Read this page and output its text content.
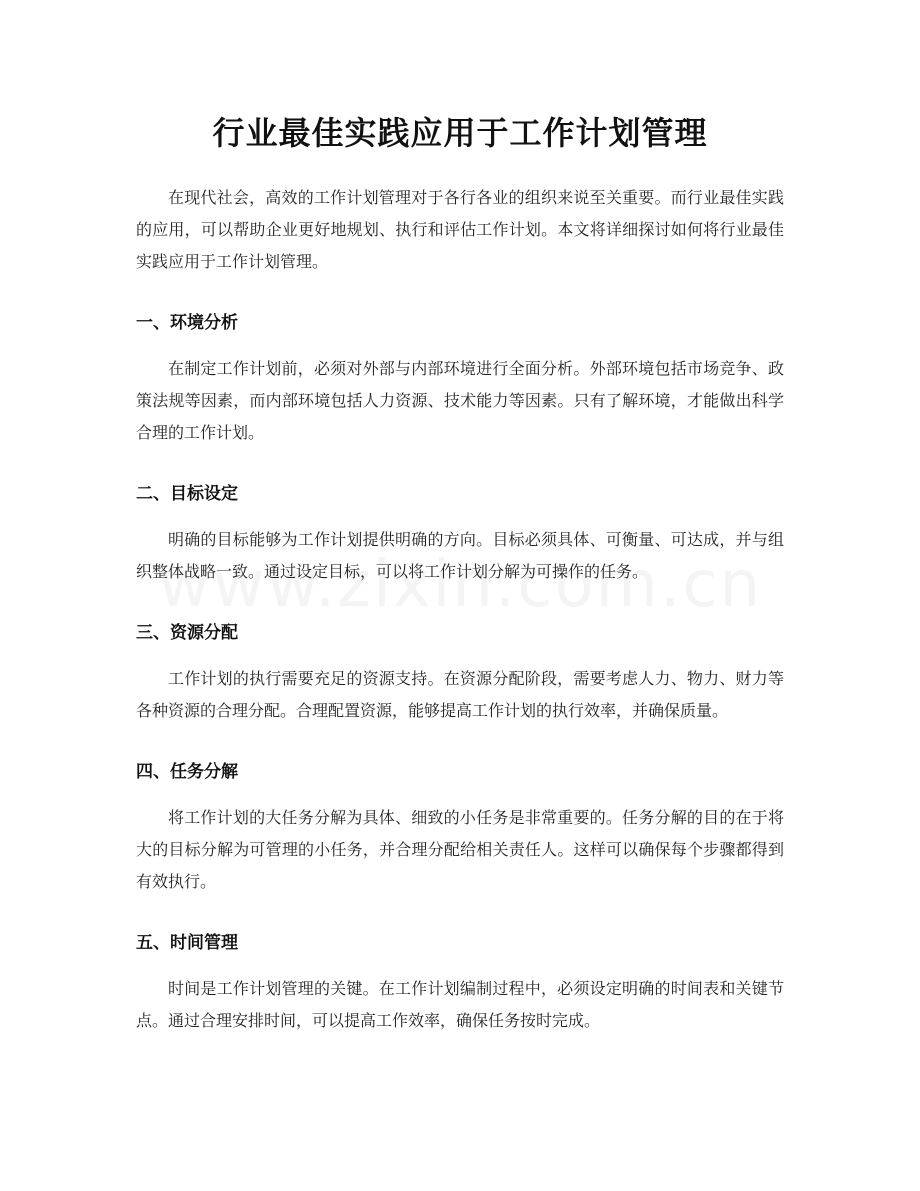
行业最佳实践应用于工作计划管理

在现代社会，高效的工作计划管理对于各行各业的组织来说至关重要。而行业最佳实践的应用，可以帮助企业更好地规划、执行和评估工作计划。本文将详细探讨如何将行业最佳实践应用于工作计划管理。

一、环境分析

在制定工作计划前，必须对外部与内部环境进行全面分析。外部环境包括市场竞争、政策法规等因素，而内部环境包括人力资源、技术能力等因素。只有了解环境，才能做出科学合理的工作计划。

二、目标设定

明确的目标能够为工作计划提供明确的方向。目标必须具体、可衡量、可达成，并与组织整体战略一致。通过设定目标，可以将工作计划分解为可操作的任务。

三、资源分配

工作计划的执行需要充足的资源支持。在资源分配阶段，需要考虑人力、物力、财力等各种资源的合理分配。合理配置资源，能够提高工作计划的执行效率，并确保质量。

四、任务分解

将工作计划的大任务分解为具体、细致的小任务是非常重要的。任务分解的目的在于将大的目标分解为可管理的小任务，并合理分配给相关责任人。这样可以确保每个步骤都得到有效执行。

五、时间管理

时间是工作计划管理的关键。在工作计划编制过程中，必须设定明确的时间表和关键节点。通过合理安排时间，可以提高工作效率，确保任务按时完成。
